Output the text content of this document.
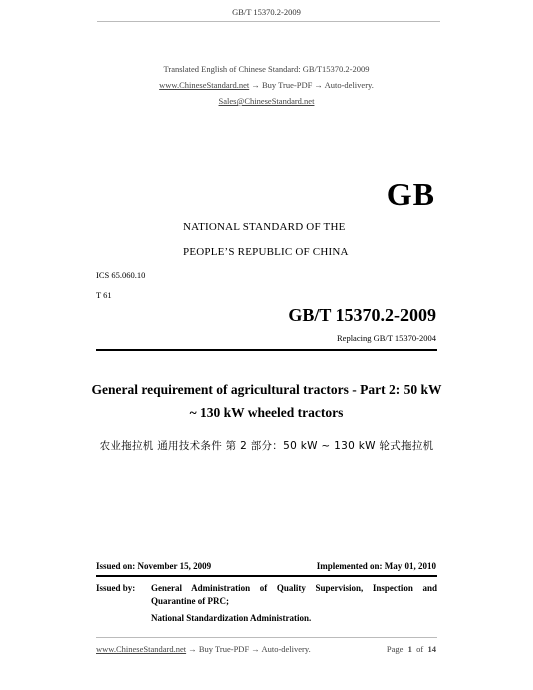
GB/T 15370.2-2009
Translated English of Chinese Standard: GB/T15370.2-2009
www.ChineseStandard.net → Buy True-PDF → Auto-delivery.
Sales@ChineseStandard.net
GB
NATIONAL STANDARD OF THE
PEOPLE’S REPUBLIC OF CHINA
ICS 65.060.10
T 61
GB/T 15370.2-2009
Replacing GB/T 15370-2004
General requirement of agricultural tractors - Part 2: 50 kW
~ 130 kW wheeled tractors
农业拖拉机 通用技术条件 第 2 部分：50 kW ~ 130 kW 轮式拖拉机
Issued on: November 15, 2009	Implemented on: May 01, 2010
Issued by: General Administration of Quality Supervision, Inspection and
Quarantine of PRC;
National Standardization Administration.
www.ChineseStandard.net → Buy True-PDF → Auto-delivery.	Page 1 of 14
